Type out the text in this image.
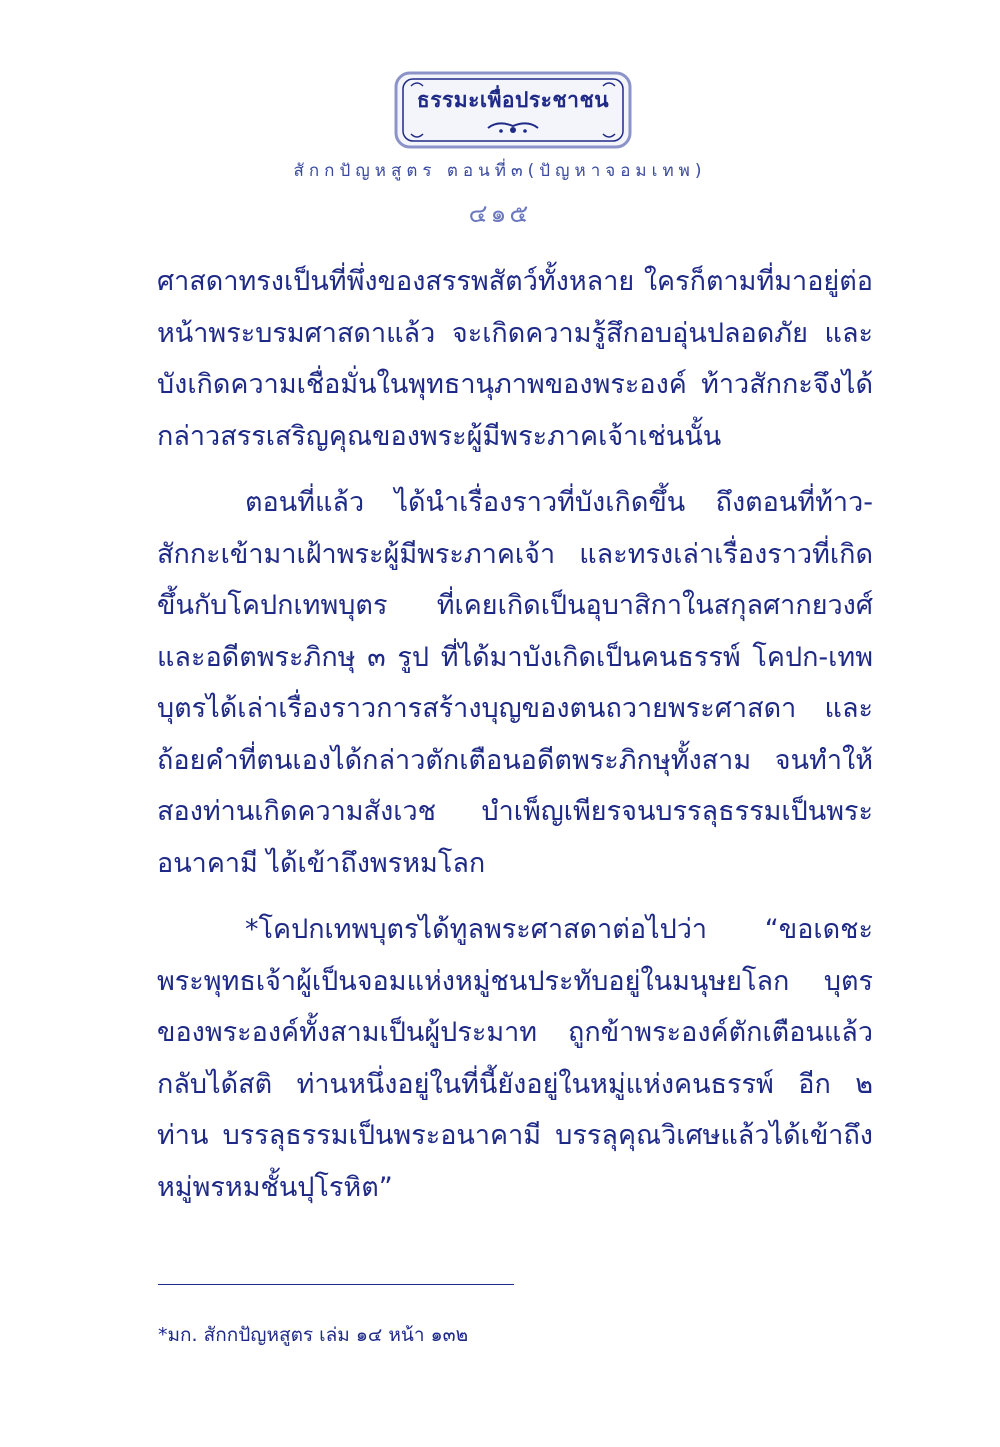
ธรรมะเพื่อประชาชน
สักกปัญหสูตร ตอนที่๓(ปัญหาจอมเทพ)
๔๑๕

ศาสดาทรงเป็นที่พึ่งของสรรพสัตว์ทั้งหลาย ใครก็ตามที่มาอยู่ต่อหน้าพระบรมศาสดาแล้ว จะเกิดความรู้สึกอบอุ่นปลอดภัย และบังเกิดความเชื่อมั่นในพุทธานุภาพของพระองค์ ท้าวสักกะจึงได้กล่าวสรรเสริญคุณของพระผู้มีพระภาคเจ้าเช่นนั้น

ตอนที่แล้ว ได้นำเรื่องราวที่บังเกิดขึ้น ถึงตอนที่ท้าว-สักกะเข้ามาเฝ้าพระผู้มีพระภาคเจ้า และทรงเล่าเรื่องราวที่เกิดขึ้นกับโคปกเทพบุตร ที่เคยเกิดเป็นอุบาสิกาในสกุลศากยวงศ์ และอดีตพระภิกษุ ๓ รูป ที่ได้มาบังเกิดเป็นคนธรรพ์ โคปก-เทพบุตรได้เล่าเรื่องราวการสร้างบุญของตนถวายพระศาสดา และถ้อยคำที่ตนเองได้กล่าวตักเตือนอดีตพระภิกษุทั้งสาม จนทำให้สองท่านเกิดความสังเวช บำเพ็ญเพียรจนบรรลุธรรมเป็นพระอนาคามี ได้เข้าถึงพรหมโลก

*โคปกเทพบุตรได้ทูลพระศาสดาต่อไปว่า “ขอเดชะพระพุทธเจ้าผู้เป็นจอมแห่งหมู่ชนประทับอยู่ในมนุษยโลก บุตรของพระองค์ทั้งสามเป็นผู้ประมาท ถูกข้าพระองค์ตักเตือนแล้ว กลับได้สติ ท่านหนึ่งอยู่ในที่นี้ยังอยู่ในหมู่แห่งคนธรรพ์ อีก ๒ ท่าน บรรลุธรรมเป็นพระอนาคามี บรรลุคุณวิเศษแล้วได้เข้าถึงหมู่พรหมชั้นปุโรหิต”

*มก. สักกปัญหสูตร เล่ม ๑๔ หน้า ๑๓๒
